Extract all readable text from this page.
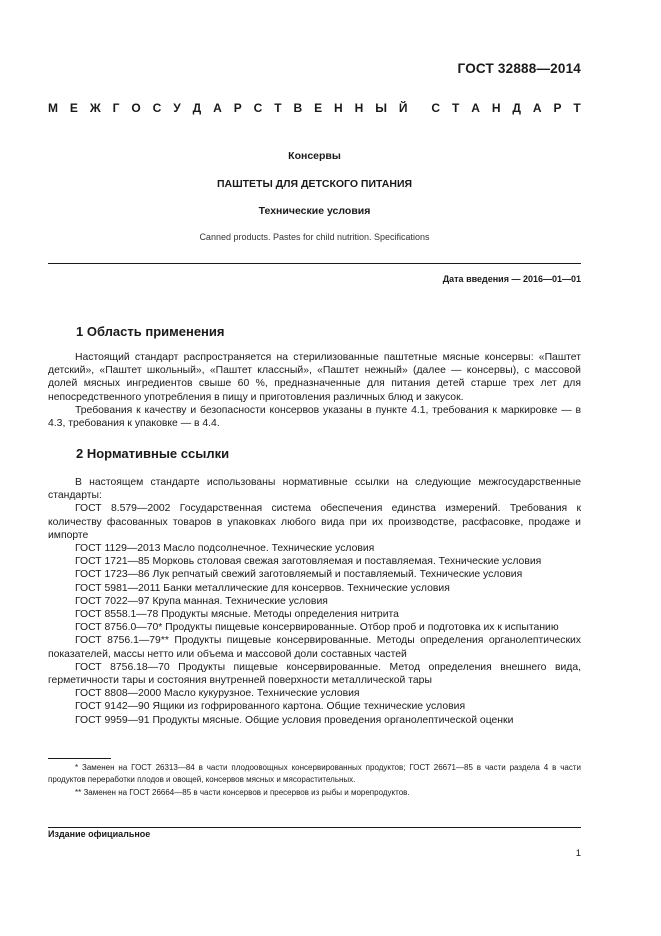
ГОСТ 32888—2014
М Е Ж Г О С У Д А Р С Т В Е Н Н Ы Й С Т А Н Д А Р Т
Консервы
ПАШТЕТЫ ДЛЯ ДЕТСКОГО ПИТАНИЯ
Технические условия
Canned products. Pastes for child nutrition. Specifications
Дата введения — 2016—01—01
1 Область применения

Настоящий стандарт распространяется на стерилизованные паштетные мясные консервы: «Паштет детский», «Паштет школьный», «Паштет классный», «Паштет нежный» (далее — консервы), с массовой долей мясных ингредиентов свыше 60 %, предназначенные для питания детей старше трех лет для непосредственного употребления в пищу и приготовления различных блюд и закусок.

Требования к качеству и безопасности консервов указаны в пункте 4.1, требования к маркировке — в 4.3, требования к упаковке — в 4.4.

2 Нормативные ссылки

В настоящем стандарте использованы нормативные ссылки на следующие межгосударственные стандарты:

ГОСТ 8.579—2002 Государственная система обеспечения единства измерений. Требования к количеству фасованных товаров в упаковках любого вида при их производстве, расфасовке, продаже и импорте

ГОСТ 1129—2013 Масло подсолнечное. Технические условия

ГОСТ 1721—85 Морковь столовая свежая заготовляемая и поставляемая. Технические условия

ГОСТ 1723—86 Лук репчатый свежий заготовляемый и поставляемый. Технические условия

ГОСТ 5981—2011 Банки металлические для консервов. Технические условия

ГОСТ 7022—97 Крупа манная. Технические условия

ГОСТ 8558.1—78 Продукты мясные. Методы определения нитрита

ГОСТ 8756.0—70* Продукты пищевые консервированные. Отбор проб и подготовка их к испытанию

ГОСТ 8756.1—79** Продукты пищевые консервированные. Методы определения органолептических показателей, массы нетто или объема и массовой доли составных частей

ГОСТ 8756.18—70 Продукты пищевые консервированные. Метод определения внешнего вида, герметичности тары и состояния внутренней поверхности металлической тары

ГОСТ 8808—2000 Масло кукурузное. Технические условия

ГОСТ 9142—90 Ящики из гофрированного картона. Общие технические условия

ГОСТ 9959—91 Продукты мясные. Общие условия проведения органолептической оценки

* Заменен на ГОСТ 26313—84 в части плодоовощных консервированных продуктов; ГОСТ 26671—85 в части раздела 4 в части продуктов переработки плодов и овощей, консервов мясных и мясорастительных.

** Заменен на ГОСТ 26664—85 в части консервов и пресервов из рыбы и морепродуктов.

Издание официальное
1
